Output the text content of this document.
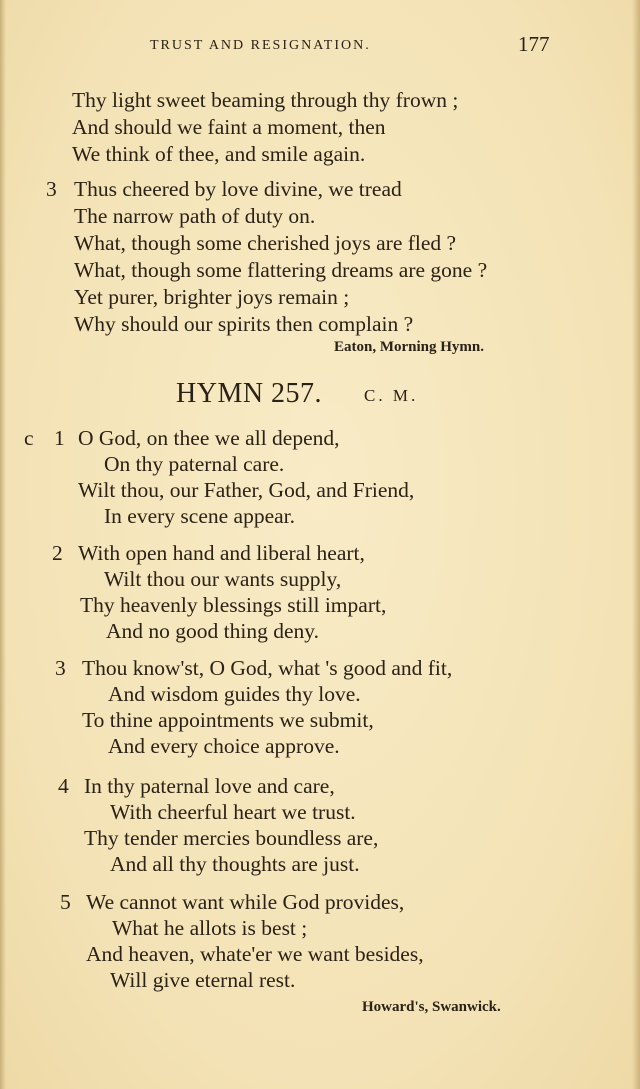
TRUST AND RESIGNATION.	177
Thy light sweet beaming through thy frown ;
And should we faint a moment, then
We think of thee, and smile again.
3 Thus cheered by love divine, we tread
The narrow path of duty on.
What, though some cherished joys are fled ?
What, though some flattering dreams are gone ?
Yet purer, brighter joys remain ;
Why should our spirits then complain ?
Eaton, Morning Hymn.
HYMN 257. C. M.
c 1 O God, on thee we all depend,
On thy paternal care.
Wilt thou, our Father, God, and Friend,
In every scene appear.
2 With open hand and liberal heart,
Wilt thou our wants supply,
Thy heavenly blessings still impart,
And no good thing deny.
3 Thou know'st, O God, what 's good and fit,
And wisdom guides thy love.
To thine appointments we submit,
And every choice approve.
4 In thy paternal love and care,
With cheerful heart we trust.
Thy tender mercies boundless are,
And all thy thoughts are just.
5 We cannot want while God provides,
What he allots is best ;
And heaven, whate'er we want besides,
Will give eternal rest.
Howard's, Swanwick.
